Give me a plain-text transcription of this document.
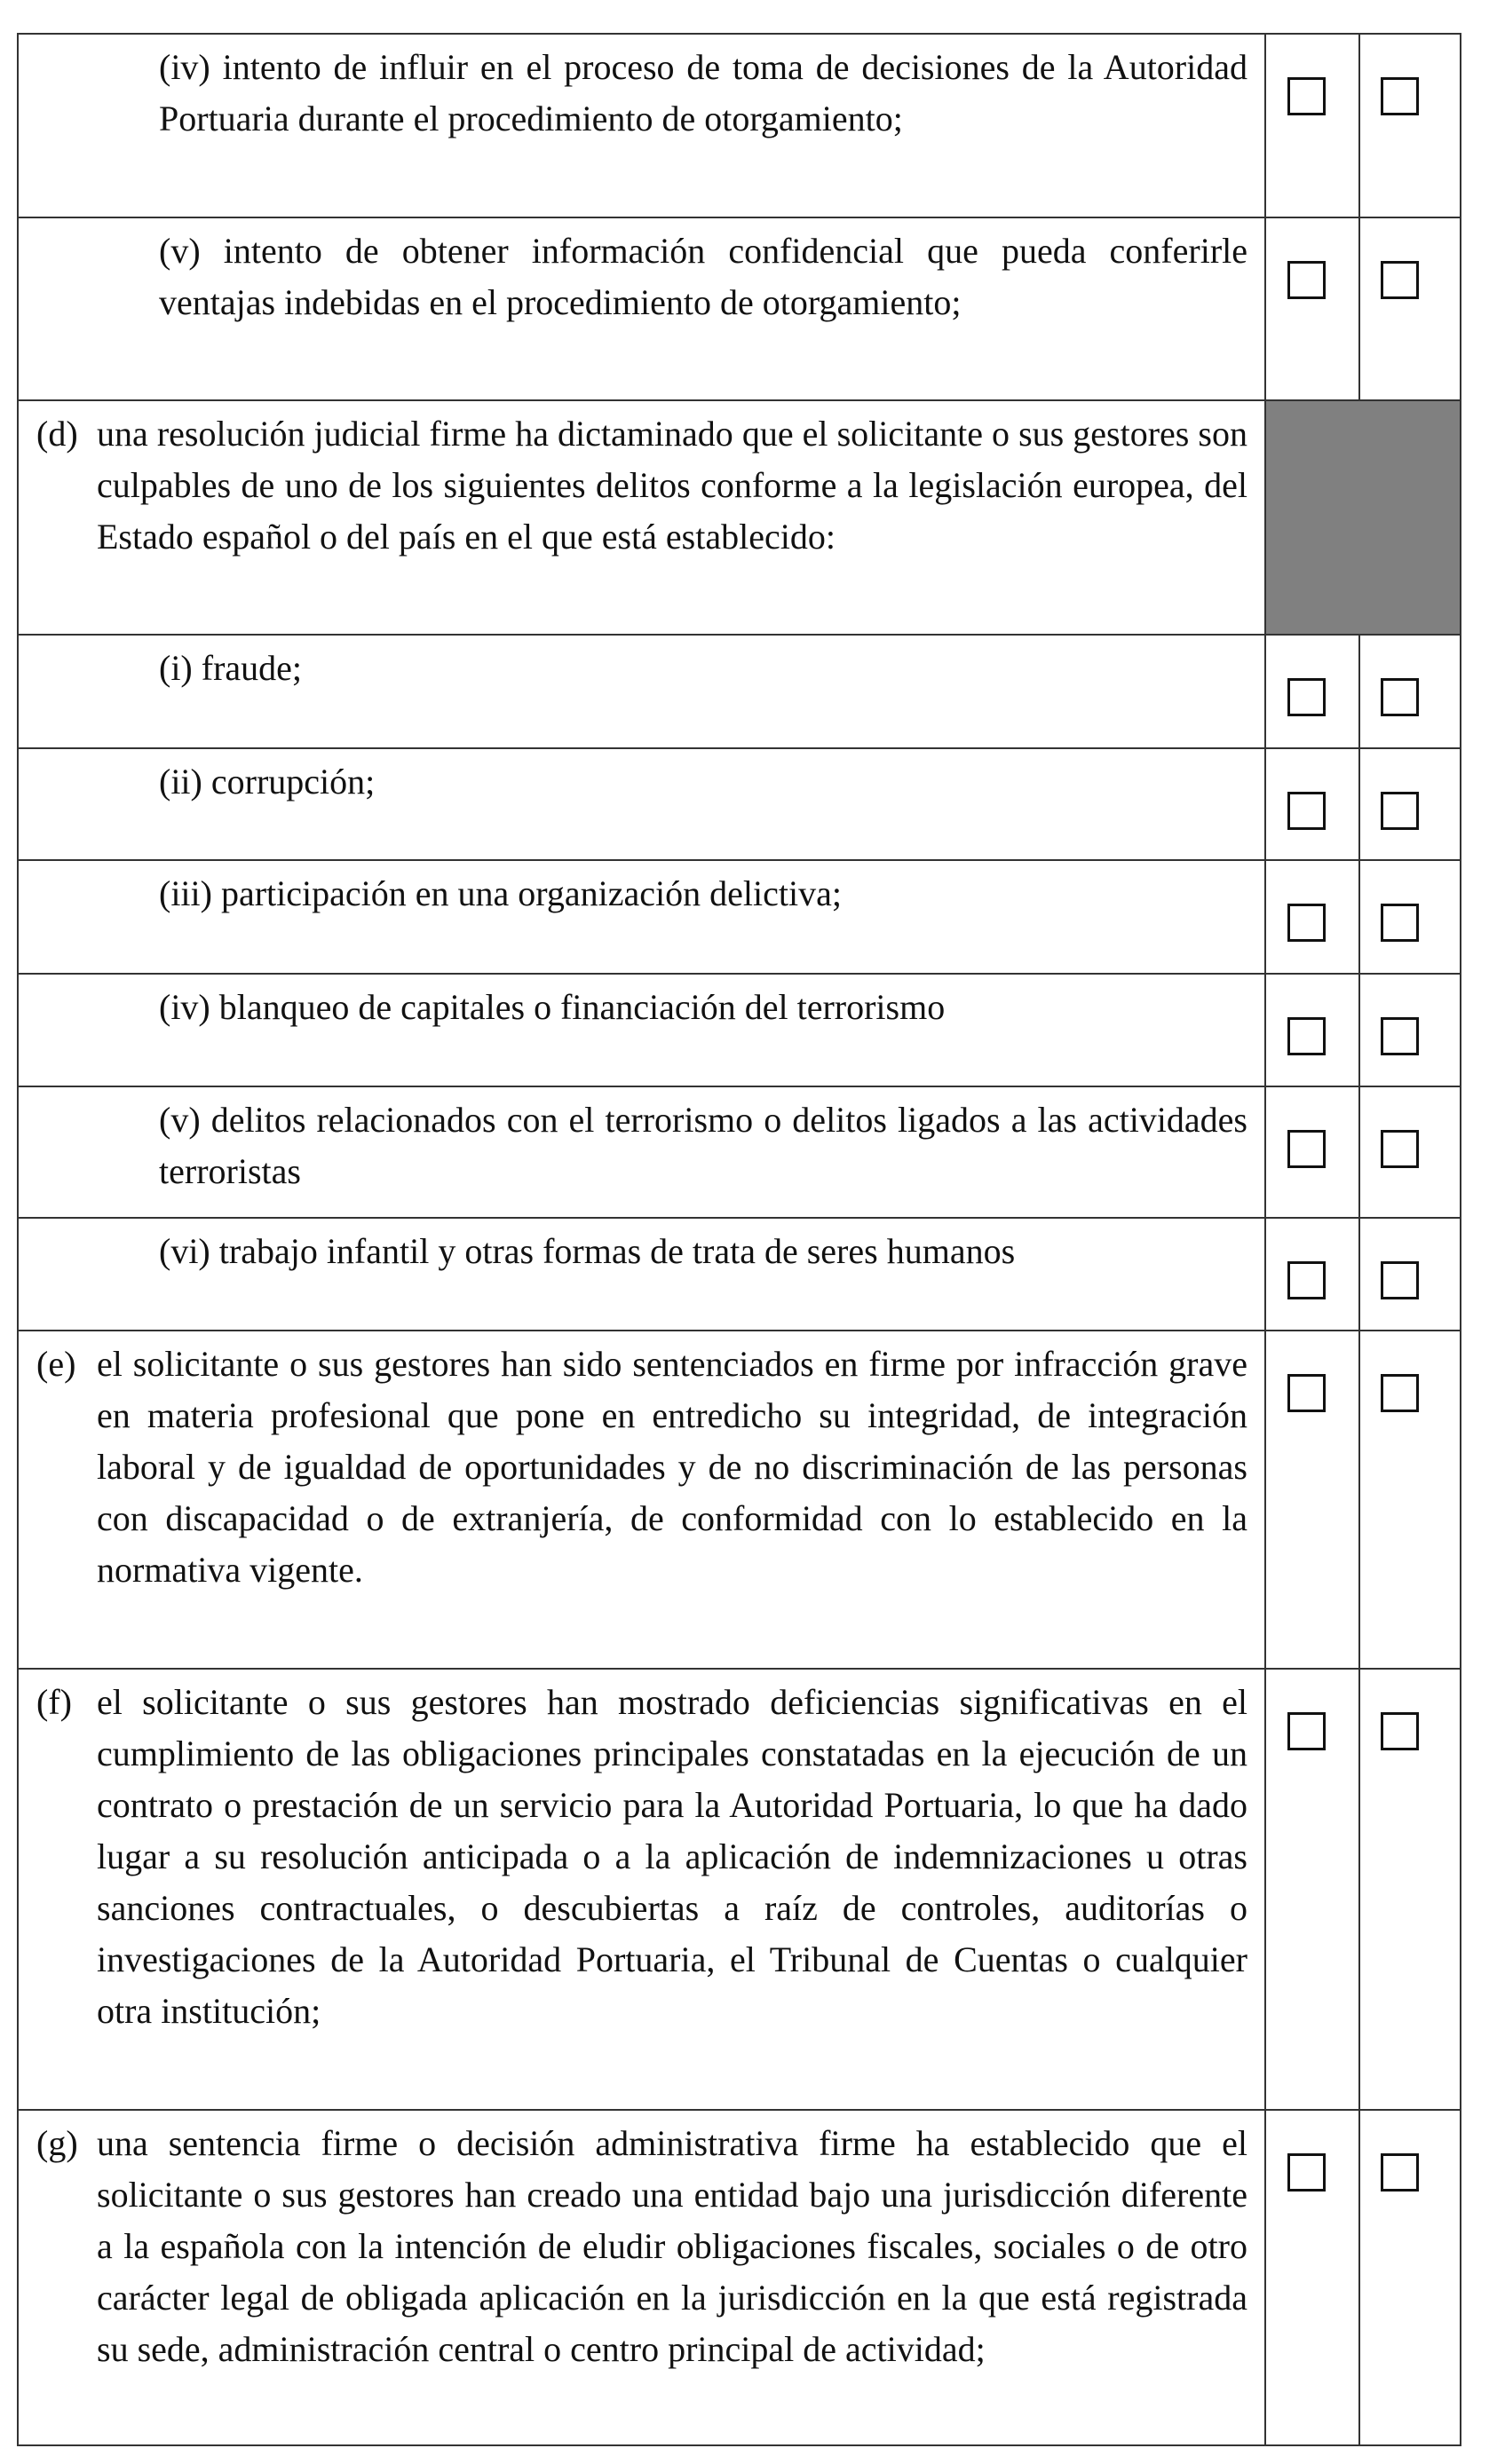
(iv) intento de influir en el proceso de toma de decisiones de la Autoridad Portuaria durante el procedimiento de otorgamiento;
(v) intento de obtener información confidencial que pueda conferirle ventajas indebidas en el procedimiento de otorgamiento;
(d) una resolución judicial firme ha dictaminado que el solicitante o sus gestores son culpables de uno de los siguientes delitos conforme a la legislación europea, del Estado español o del país en el que está establecido:
(i) fraude;
(ii) corrupción;
(iii) participación en una organización delictiva;
(iv) blanqueo de capitales o financiación del terrorismo
(v) delitos relacionados con el terrorismo o delitos ligados a las actividades terroristas
(vi) trabajo infantil y otras formas de trata de seres humanos
(e) el solicitante o sus gestores han sido sentenciados en firme por infracción grave en materia profesional que pone en entredicho su integridad, de integración laboral y de igualdad de oportunidades y de no discriminación de las personas con discapacidad o de extranjería, de conformidad con lo establecido en la normativa vigente.
(f) el solicitante o sus gestores han mostrado deficiencias significativas en el cumplimiento de las obligaciones principales constatadas en la ejecución de un contrato o prestación de un servicio para la Autoridad Portuaria, lo que ha dado lugar a su resolución anticipada o a la aplicación de indemnizaciones u otras sanciones contractuales, o descubiertas a raíz de controles, auditorías o investigaciones de la Autoridad Portuaria, el Tribunal de Cuentas o cualquier otra institución;
(g) una sentencia firme o decisión administrativa firme ha establecido que el solicitante o sus gestores han creado una entidad bajo una jurisdicción diferente a la española con la intención de eludir obligaciones fiscales, sociales o de otro carácter legal de obligada aplicación en la jurisdicción en la que está registrada su sede, administración central o centro principal de actividad;
